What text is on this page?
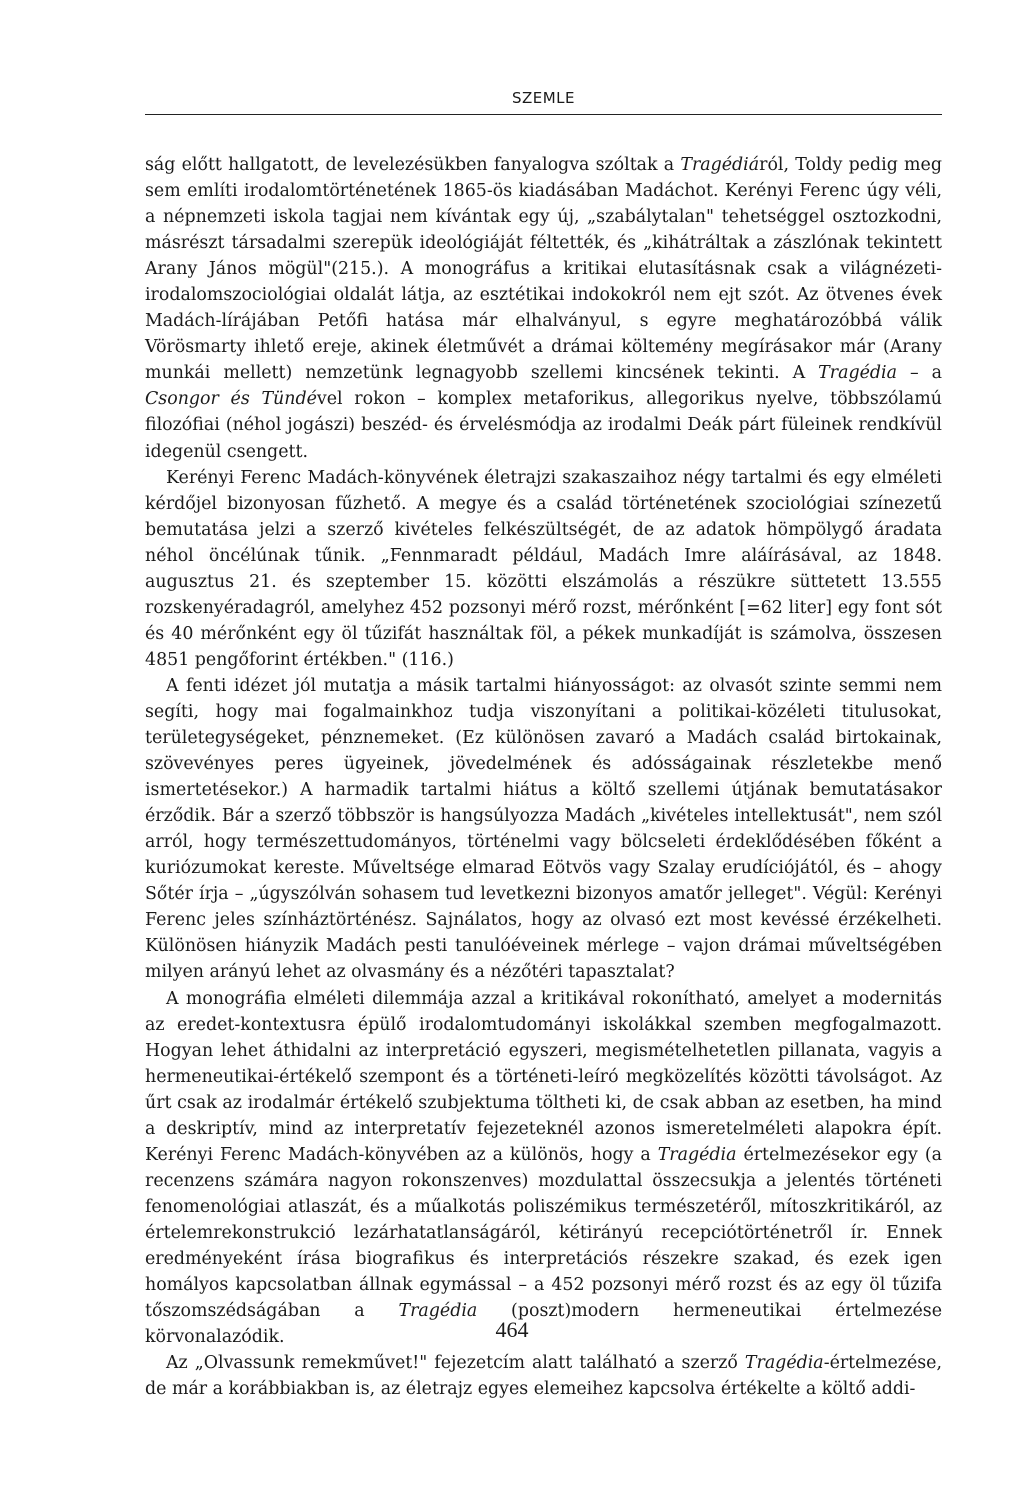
SZEMLE

ság előtt hallgatott, de levelezésükben fanyalogva szóltak a Tragédiáról, Toldy pedig meg sem említi irodalomtörténetének 1865-ös kiadásában Madáchot. Kerényi Ferenc úgy véli, a népnemzeti iskola tagjai nem kívántak egy új, „szabálytalan" tehetséggel osztozkodni, másrészt társadalmi szerepük ideológiáját féltették, és „kihátráltak a zászlónak tekintett Arany János mögül"(215.). A monográfus a kritikai elutasításnak csak a világnézeti-irodalomszociológiai oldalát látja, az esztétikai indokokról nem ejt szót. Az ötvenes évek Madách-lírájában Petőfi hatása már elhalványul, s egyre meghatározóbbá válik Vörösmarty ihlető ereje, akinek életművét a drámai költemény megírásakor már (Arany munkái mellett) nemzetünk legnagyobb szellemi kincsének tekinti. A Tragédia – a Csongor és Tündével rokon – komplex metaforikus, allegorikus nyelve, többszólamú filozófiai (néhol jogászi) beszéd- és érvelésmódja az irodalmi Deák párt füleinek rendkívül idegenül csengett.

Kerényi Ferenc Madách-könyvének életrajzi szakaszaihoz négy tartalmi és egy elméleti kérdőjel bizonyosan fűzhető. A megye és a család történetének szociológiai színezetű bemutatása jelzi a szerző kivételes felkészültségét, de az adatok hömpölygő áradata néhol öncélúnak tűnik. „Fennmaradt például, Madách Imre aláírásával, az 1848. augusztus 21. és szeptember 15. közötti elszámolás a részükre süttetett 13.555 rozskenyéradagról, amelyhez 452 pozsonyi mérő rozst, mérőnként [=62 liter] egy font sót és 40 mérőnként egy öl tűzifát használtak föl, a pékek munkadíját is számolva, összesen 4851 pengőforint értékben." (116.)

A fenti idézet jól mutatja a másik tartalmi hiányosságot: az olvasót szinte semmi nem segíti, hogy mai fogalmainkhoz tudja viszonyítani a politikai-közéleti titulusokat, területegységeket, pénznemeket. (Ez különösen zavaró a Madách család birtokainak, szövevényes peres ügyeinek, jövedelmének és adósságainak részletekbe menő ismertetésekor.) A harmadik tartalmi hiátus a költő szellemi útjának bemutatásakor érződik. Bár a szerző többször is hangsúlyozza Madách „kivételes intellektusát", nem szól arról, hogy természettudományos, történelmi vagy bölcseleti érdeklődésében főként a kuriózumokat kereste. Műveltsége elmarad Eötvös vagy Szalay erudíciójától, és – ahogy Sőtér írja – „úgyszólván sohasem tud levetkezni bizonyos amatőr jelleget". Végül: Kerényi Ferenc jeles színháztörténész. Sajnálatos, hogy az olvasó ezt most kevéssé érzékelheti. Különösen hiányzik Madách pesti tanulóéveinek mérlege – vajon drámai műveltségében milyen arányú lehet az olvasmány és a nézőtéri tapasztalat?

A monográfia elméleti dilemmája azzal a kritikával rokonítható, amelyet a modernitás az eredet-kontextusra épülő irodalomtudományi iskolákkal szemben megfogalmazott. Hogyan lehet áthidalni az interpretáció egyszeri, megismételhetetlen pillanata, vagyis a hermeneutikai-értékelő szempont és a történeti-leíró megközelítés közötti távolságot. Az űrt csak az irodalmár értékelő szubjektuma töltheti ki, de csak abban az esetben, ha mind a deskriptív, mind az interpretatív fejezeteknél azonos ismeretelméleti alapokra épít. Kerényi Ferenc Madách-könyvében az a különös, hogy a Tragédia értelmezésekor egy (a recenzens számára nagyon rokonszenves) mozdulattal összecsukja a jelentés történeti fenomenológiai atlaszát, és a műalkotás poliszémikus természetéről, mítoszkritikáról, az értelemrekonstrukció lezárhatatlanságáról, kétirányú recepciótörténetről ír. Ennek eredményeként írása biografikus és interpretációs részekre szakad, és ezek igen homályos kapcsolatban állnak egymással – a 452 pozsonyi mérő rozst és az egy öl tűzifa tőszomszédságában a Tragédia (poszt)modern hermeneutikai értelmezése körvonalazódik.

Az „Olvassunk remekművet!" fejezetcím alatt található a szerző Tragédia-értelmezése, de már a korábbiakban is, az életrajz egyes elemeihez kapcsolva értékelte a költő addi-

464
